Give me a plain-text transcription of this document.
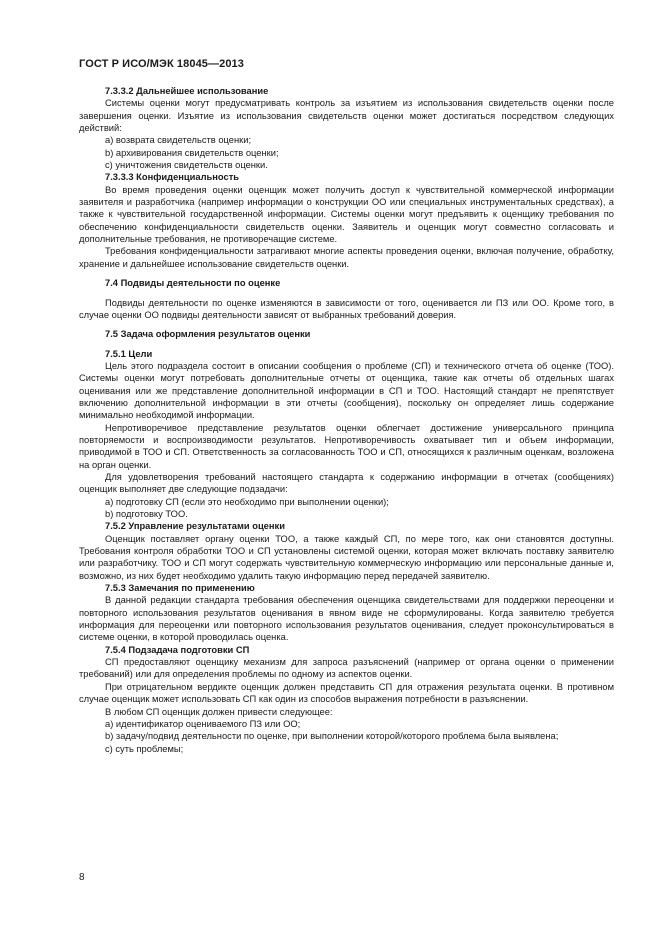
ГОСТ Р ИСО/МЭК 18045—2013
7.3.3.2 Дальнейшее использование

Системы оценки могут предусматривать контроль за изъятием из использования свидетельств оценки после завершения оценки. Изъятие из использования свидетельств оценки может достигаться посредством следующих действий:

a) возврата свидетельств оценки;
b) архивирования свидетельств оценки;
c) уничтожения свидетельств оценки.
7.3.3.3 Конфиденциальность

Во время проведения оценки оценщик может получить доступ к чувствительной коммерческой информации заявителя и разработчика (например информации о конструкции ОО или специальных инструментальных средствах), а также к чувствительной государственной информации. Системы оценки могут предъявить к оценщику требования по обеспечению конфиденциальности свидетельств оценки. Заявитель и оценщик могут совместно согласовать и дополнительные требования, не противоречащие системе.

Требования конфиденциальности затрагивают многие аспекты проведения оценки, включая получение, обработку, хранение и дальнейшее использование свидетельств оценки.

7.4 Подвиды деятельности по оценке

Подвиды деятельности по оценке изменяются в зависимости от того, оценивается ли ПЗ или ОО. Кроме того, в случае оценки ОО подвиды деятельности зависят от выбранных требований доверия.

7.5 Задача оформления результатов оценки
7.5.1 Цели

Цель этого подраздела состоит в описании сообщения о проблеме (СП) и технического отчета об оценке (ТОО). Системы оценки могут потребовать дополнительные отчеты от оценщика, такие как отчеты об отдельных шагах оценивания или же представление дополнительной информации в СП и ТОО. Настоящий стандарт не препятствует включению дополнительной информации в эти отчеты (сообщения), поскольку он определяет лишь содержание минимально необходимой информации.

Непротиворечивое представление результатов оценки облегчает достижение универсального принципа повторяемости и воспроизводимости результатов. Непротиворечивость охватывает тип и объем информации, приводимой в ТОО и СП. Ответственность за согласованность ТОО и СП, относящихся к различным оценкам, возложена на орган оценки.

Для удовлетворения требований настоящего стандарта к содержанию информации в отчетах (сообщениях) оценщик выполняет две следующие подзадачи:

a) подготовку СП (если это необходимо при выполнении оценки);
b) подготовку ТОО.
7.5.2 Управление результатами оценки

Оценщик поставляет органу оценки ТОО, а также каждый СП, по мере того, как они становятся доступны. Требования контроля обработки ТОО и СП установлены системой оценки, которая может включать поставку заявителю или разработчику. ТОО и СП могут содержать чувствительную коммерческую информацию или персональные данные и, возможно, из них будет необходимо удалить такую информацию перед передачей заявителю.

7.5.3 Замечания по применению

В данной редакции стандарта требования обеспечения оценщика свидетельствами для поддержки переоценки и повторного использования результатов оценивания в явном виде не сформулированы. Когда заявителю требуется информация для переоценки или повторного использования результатов оценивания, следует проконсультироваться в системе оценки, в которой проводилась оценка.

7.5.4 Подзадача подготовки СП

СП предоставляют оценщику механизм для запроса разъяснений (например от органа оценки о применении требований) или для определения проблемы по одному из аспектов оценки.

При отрицательном вердикте оценщик должен представить СП для отражения результата оценки. В противном случае оценщик может использовать СП как один из способов выражения потребности в разъяснении.

В любом СП оценщик должен привести следующее:

a) идентификатор оцениваемого ПЗ или ОО;
b) задачу/подвид деятельности по оценке, при выполнении которой/которого проблема была выявлена;
c) суть проблемы;
8
